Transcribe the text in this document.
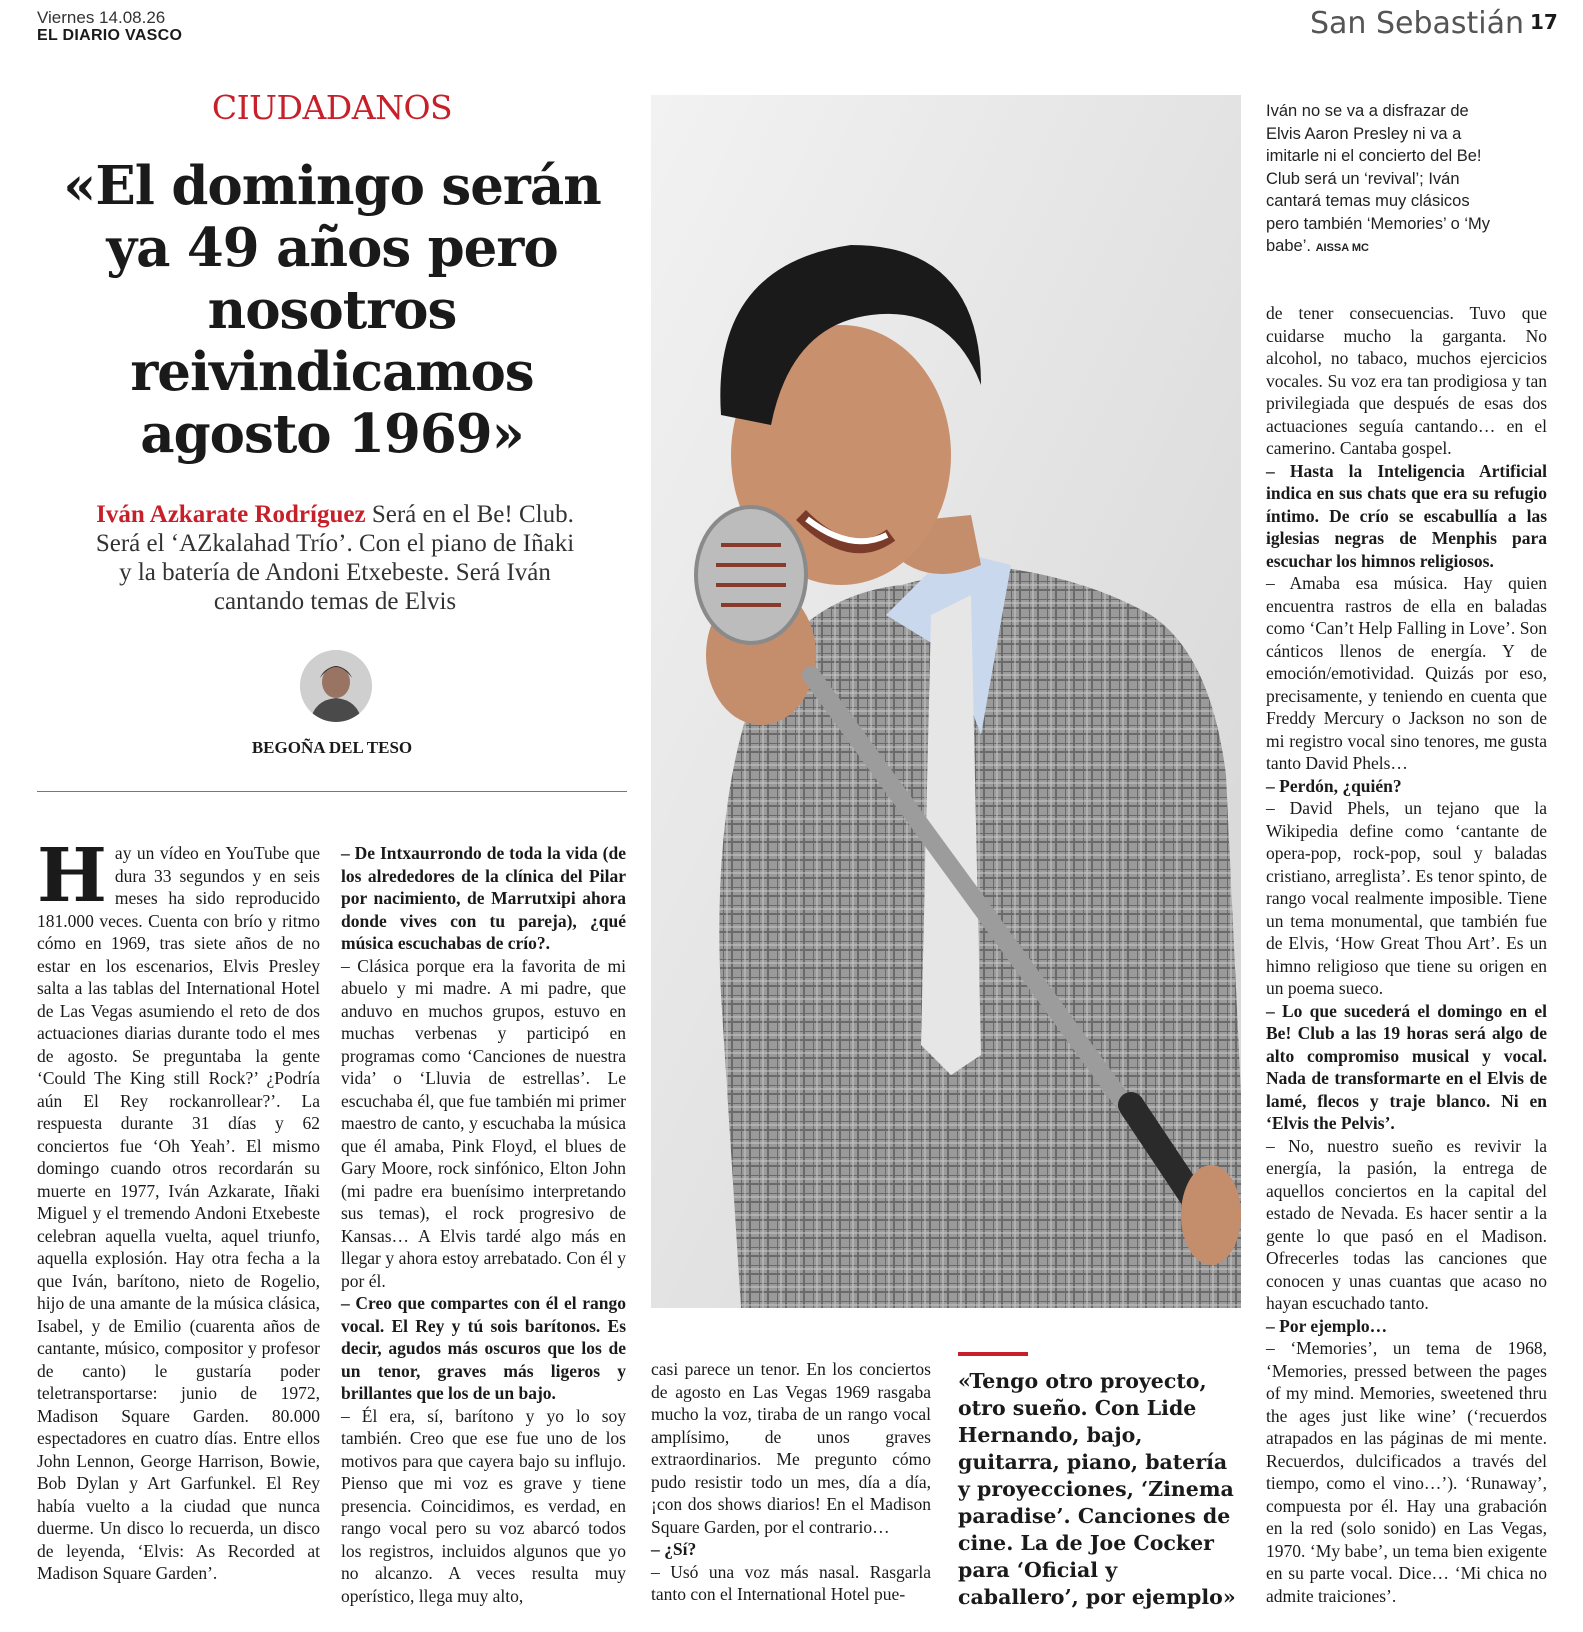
Viernes 14.08.26
EL DIARIO VASCO	San Sebastián 17
CIUDADANOS
«El domingo serán ya 49 años pero nosotros reivindicamos agosto 1969»
Iván Azkarate Rodríguez Será en el Be! Club. Será el ‘AZkalahad Trío’. Con el piano de Iñaki y la batería de Andoni Etxebeste. Será Iván cantando temas de Elvis
BEGOÑA DEL TESO

Hay un vídeo en YouTube que dura 33 segundos y en seis meses ha sido reproducido 181.000 veces. Cuenta con brío y ritmo cómo en 1969, tras siete años de no estar en los escenarios, Elvis Presley salta a las tablas del International Hotel de Las Vegas asumiendo el reto de dos actuaciones diarias durante todo el mes de agosto. Se preguntaba la gente ‘Could The King still Rock?’ ¿Podría aún El Rey rockanrollear?’. La respuesta durante 31 días y 62 conciertos fue ‘Oh Yeah’. El mismo domingo cuando otros recordarán su muerte en 1977, Iván Azkarate, Iñaki Miguel y el tremendo Andoni Etxebeste celebran aquella vuelta, aquel triunfo, aquella explosión. Hay otra fecha a la que Iván, barítono, nieto de Rogelio, hijo de una amante de la música clásica, Isabel, y de Emilio (cuarenta años de cantante, músico, compositor y profesor de canto) le gustaría poder teletransportarse: junio de 1972, Madison Square Garden. 80.000 espectadores en cuatro días. Entre ellos John Lennon, George Harrison, Bowie, Bob Dylan y Art Garfunkel. El Rey había vuelto a la ciudad que nunca duerme. Un disco lo recuerda, un disco de leyenda, ‘Elvis: As Recorded at Madison Square Garden’.

– De Intxaurrondo de toda la vida (de los alrededores de la clínica del Pilar por nacimiento, de Marrutxipi ahora donde vives con tu pareja), ¿qué música escuchabas de crío?.

– Clásica porque era la favorita de mi abuelo y mi madre. A mi padre, que anduvo en muchos grupos, estuvo en muchas verbenas y participó en programas como ‘Canciones de nuestra vida’ o ‘Lluvia de estrellas’. Le escuchaba él, que fue también mi primer maestro de canto, y escuchaba la música que él amaba, Pink Floyd, el blues de Gary Moore, rock sinfónico, Elton John (mi padre era buenísimo interpretando sus temas), el rock progresivo de Kansas… A Elvis tardé algo más en llegar y ahora estoy arrebatado. Con él y por él.

– Creo que compartes con él el rango vocal. El Rey y tú sois barítonos. Es decir, agudos más oscuros que los de un tenor, graves más ligeros y brillantes que los de un bajo.

– Él era, sí, barítono y yo lo soy también. Creo que ese fue uno de los motivos para que cayera bajo su influjo. Pienso que mi voz es grave y tiene presencia. Coincidimos, es verdad, en rango vocal pero su voz abarcó todos los registros, incluidos algunos que yo no alcanzo. A veces resulta muy operístico, llega muy alto,

Iván no se va a disfrazar de Elvis Aaron Presley ni va a imitarle ni el concierto del Be! Club será un ‘revival’; Iván cantará temas muy clásicos pero también ‘Memories’ o ‘My babe’. AISSA MC

casi parece un tenor. En los conciertos de agosto en Las Vegas 1969 rasgaba mucho la voz, tiraba de un rango vocal amplísimo, de unos graves extraordinarios. Me pregunto cómo pudo resistir todo un mes, día a día, ¡con dos shows diarios! En el Madison Square Garden, por el contrario…

– ¿Sí?

– Usó una voz más nasal. Rasgarla tanto con el International Hotel pue-

«Tengo otro proyecto, otro sueño. Con Lide Hernando, bajo, guitarra, piano, batería y proyecciones, ‘Zinema paradise’. Canciones de cine. La de Joe Cocker para ‘Oficial y caballero’, por ejemplo»

de tener consecuencias. Tuvo que cuidarse mucho la garganta. No alcohol, no tabaco, muchos ejercicios vocales. Su voz era tan prodigiosa y tan privilegiada que después de esas dos actuaciones seguía cantando… en el camerino. Cantaba gospel.

– Hasta la Inteligencia Artificial indica en sus chats que era su refugio íntimo. De crío se escabullía a las iglesias negras de Menphis para escuchar los himnos religiosos.

– Amaba esa música. Hay quien encuentra rastros de ella en baladas como ‘Can’t Help Falling in Love’. Son cánticos llenos de energía. Y de emoción/emotividad. Quizás por eso, precisamente, y teniendo en cuenta que Freddy Mercury o Jackson no son de mi registro vocal sino tenores, me gusta tanto David Phels…

– Perdón, ¿quién?

– David Phels, un tejano que la Wikipedia define como ‘cantante de opera-pop, rock-pop, soul y baladas cristiano, arreglista’. Es tenor spinto, de rango vocal realmente imposible. Tiene un tema monumental, que también fue de Elvis, ‘How Great Thou Art’. Es un himno religioso que tiene su origen en un poema sueco.

– Lo que sucederá el domingo en el Be! Club a las 19 horas será algo de alto compromiso musical y vocal. Nada de transformarte en el Elvis de lamé, flecos y traje blanco. Ni en ‘Elvis the Pelvis’.

– No, nuestro sueño es revivir la energía, la pasión, la entrega de aquellos conciertos en la capital del estado de Nevada. Es hacer sentir a la gente lo que pasó en el Madison. Ofrecerles todas las canciones que conocen y unas cuantas que acaso no hayan escuchado tanto.

– Por ejemplo…

– ‘Memories’, un tema de 1968, ‘Memories, pressed between the pages of my mind. Memories, sweetened thru the ages just like wine’ (‘recuerdos atrapados en las páginas de mi mente. Recuerdos, dulcificados a través del tiempo, como el vino…’). ‘Runaway’, compuesta por él. Hay una grabación en la red (solo sonido) en Las Vegas, 1970. ‘My babe’, un tema bien exigente en su parte vocal. Dice… ‘Mi chica no admite traiciones’.
